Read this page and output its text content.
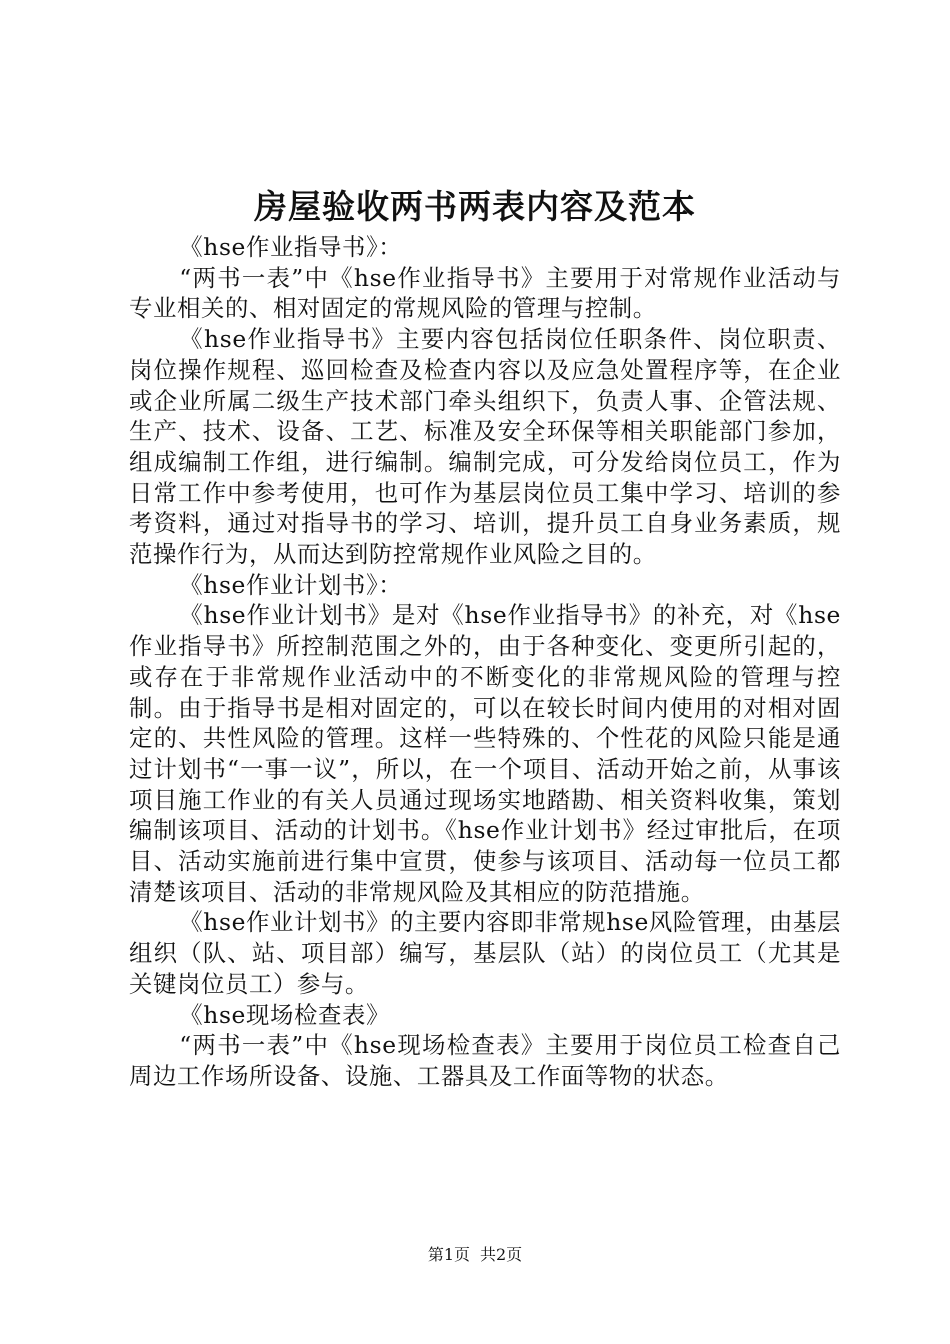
房屋验收两书两表内容及范本

《hse作业指导书》：

“两书一表”中《hse作业指导书》主要用于对常规作业活动与专业相关的、相对固定的常规风险的管理与控制。

《hse作业指导书》主要内容包括岗位任职条件、岗位职责、岗位操作规程、巡回检查及检查内容以及应急处置程序等，在企业或企业所属二级生产技术部门牵头组织下，负责人事、企管法规、生产、技术、设备、工艺、标准及安全环保等相关职能部门参加，组成编制工作组，进行编制。编制完成，可分发给岗位员工，作为日常工作中参考使用，也可作为基层岗位员工集中学习、培训的参考资料，通过对指导书的学习、培训，提升员工自身业务素质，规范操作行为，从而达到防控常规作业风险之目的。

《hse作业计划书》：

《hse作业计划书》是对《hse作业指导书》的补充，对《hse作业指导书》所控制范围之外的，由于各种变化、变更所引起的，或存在于非常规作业活动中的不断变化的非常规风险的管理与控制。由于指导书是相对固定的，可以在较长时间内使用的对相对固定的、共性风险的管理。这样一些特殊的、个性花的风险只能是通过计划书“一事一议”，所以，在一个项目、活动开始之前，从事该项目施工作业的有关人员通过现场实地踏勘、相关资料收集，策划编制该项目、活动的计划书。《hse作业计划书》经过审批后，在项目、活动实施前进行集中宣贯，使参与该项目、活动每一位员工都清楚该项目、活动的非常规风险及其相应的防范措施。

《hse作业计划书》的主要内容即非常规hse风险管理，由基层组织（队、站、项目部）编写，基层队（站）的岗位员工（尤其是关键岗位员工）参与。

《hse现场检查表》

“两书一表”中《hse现场检查表》主要用于岗位员工检查自己周边工作场所设备、设施、工器具及工作面等物的状态。

第1页 共2页
